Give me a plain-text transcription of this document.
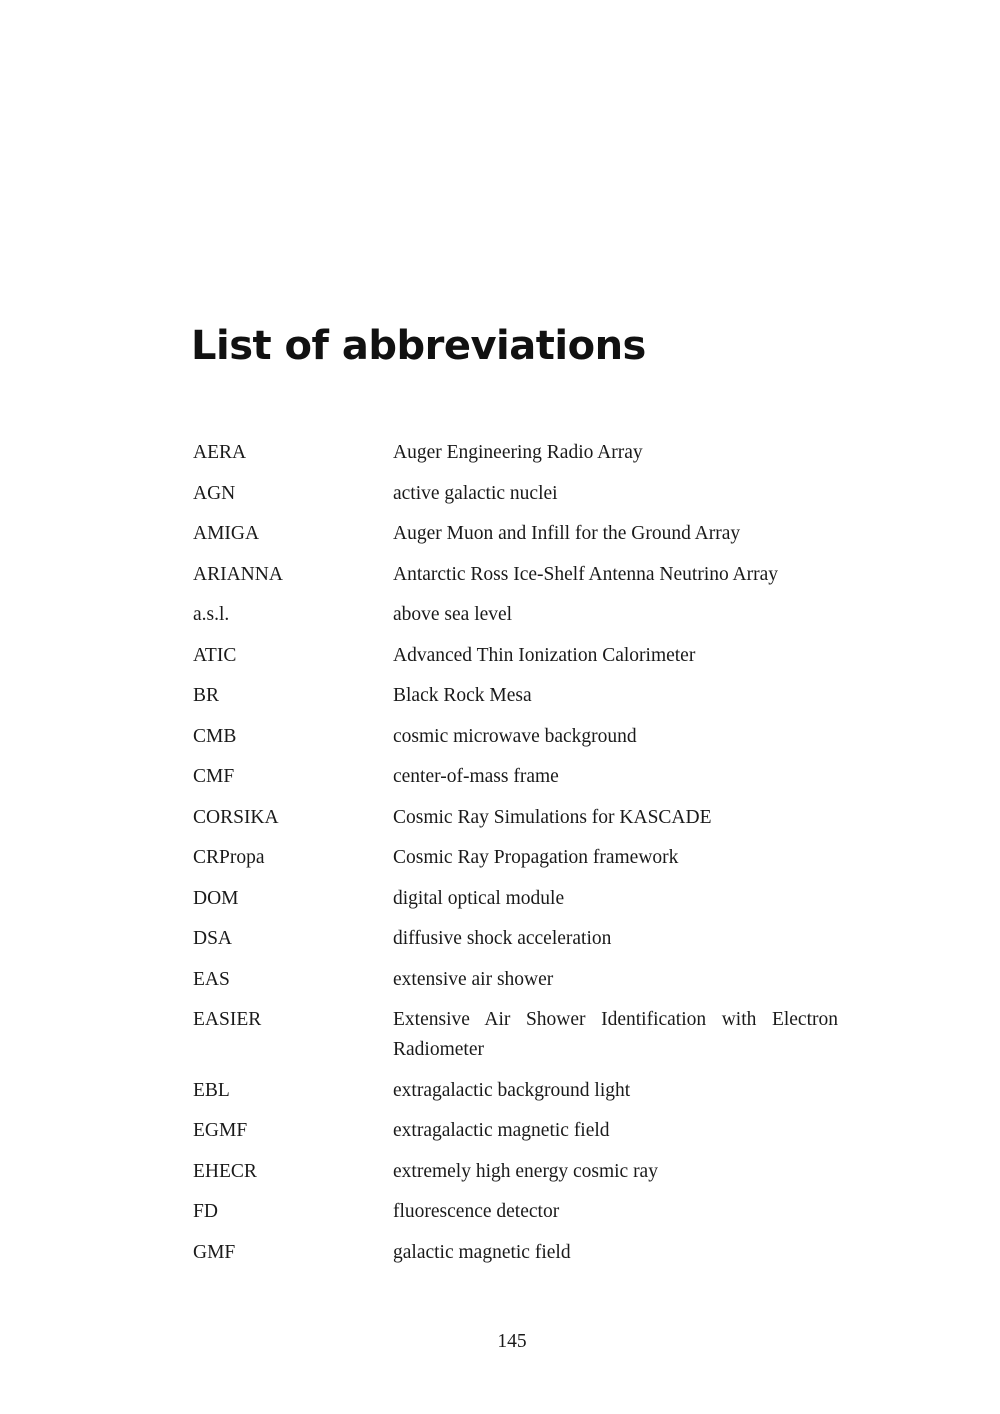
List of abbreviations
AERA	Auger Engineering Radio Array
AGN	active galactic nuclei
AMIGA	Auger Muon and Infill for the Ground Array
ARIANNA	Antarctic Ross Ice-Shelf Antenna Neutrino Array
a.s.l.	above sea level
ATIC	Advanced Thin Ionization Calorimeter
BR	Black Rock Mesa
CMB	cosmic microwave background
CMF	center-of-mass frame
CORSIKA	Cosmic Ray Simulations for KASCADE
CRPropa	Cosmic Ray Propagation framework
DOM	digital optical module
DSA	diffusive shock acceleration
EAS	extensive air shower
EASIER	Extensive Air Shower Identification with Electron Radiometer
EBL	extragalactic background light
EGMF	extragalactic magnetic field
EHECR	extremely high energy cosmic ray
FD	fluorescence detector
GMF	galactic magnetic field
145
